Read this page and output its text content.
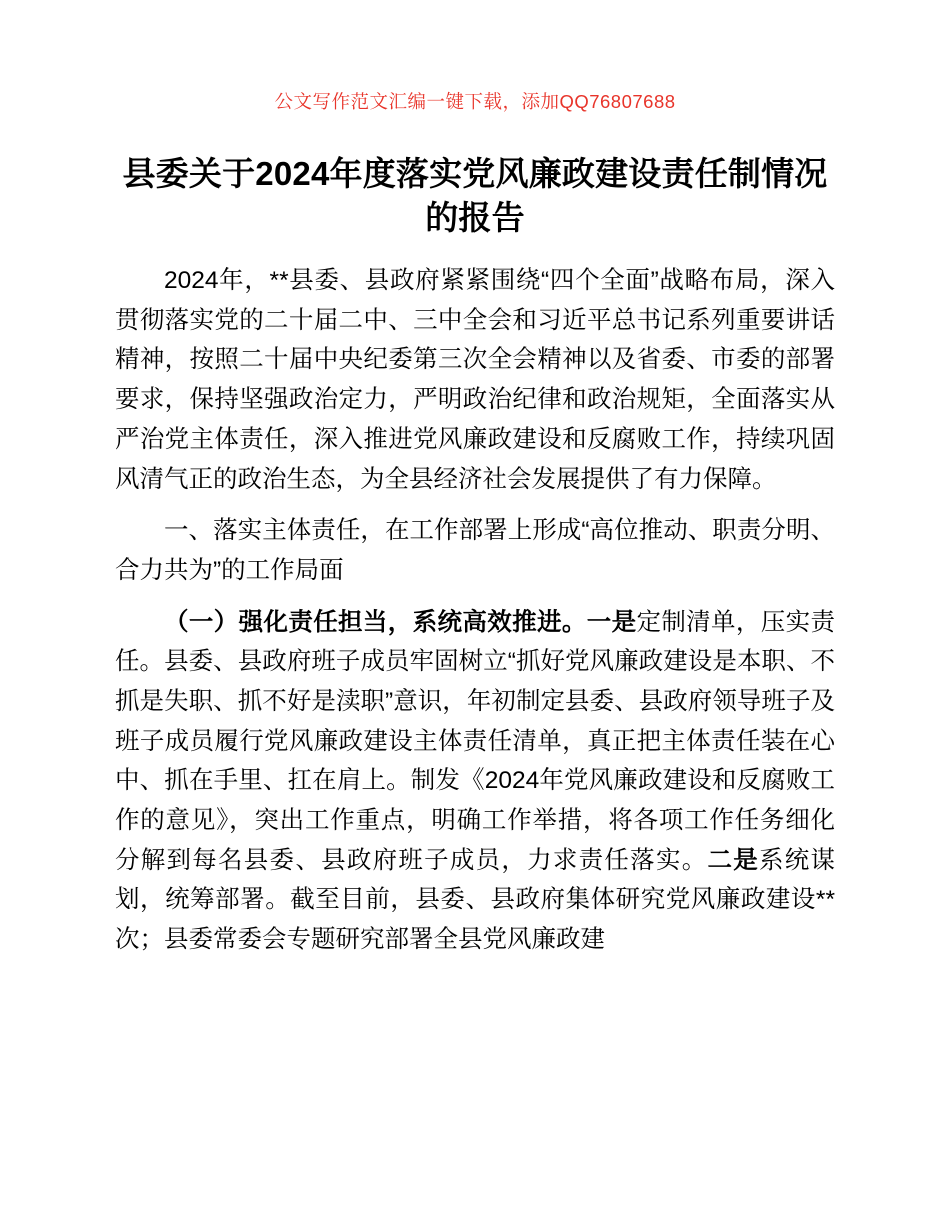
公文写作范文汇编一键下载，添加QQ76807688
县委关于2024年度落实党风廉政建设责任制情况的报告

2024年，**县委、县政府紧紧围绕“四个全面”战略布局，深入贯彻落实党的二十届二中、三中全会和习近平总书记系列重要讲话精神，按照二十届中央纪委第三次全会精神以及省委、市委的部署要求，保持坚强政治定力，严明政治纪律和政治规矩，全面落实从严治党主体责任，深入推进党风廉政建设和反腐败工作，持续巩固风清气正的政治生态，为全县经济社会发展提供了有力保障。

一、落实主体责任，在工作部署上形成“高位推动、职责分明、合力共为”的工作局面

（一）强化责任担当，系统高效推进。一是定制清单，压实责任。县委、县政府班子成员牢固树立“抓好党风廉政建设是本职、不抓是失职、抓不好是渎职”意识，年初制定县委、县政府领导班子及班子成员履行党风廉政建设主体责任清单，真正把主体责任装在心中、抓在手里、扛在肩上。制发《2024年党风廉政建设和反腐败工作的意见》，突出工作重点，明确工作举措，将各项工作任务细化分解到每名县委、县政府班子成员，力求责任落实。二是系统谋划，统筹部署。截至目前，县委、县政府集体研究党风廉政建设**次；县委常委会专题研究部署全县党风廉政建
